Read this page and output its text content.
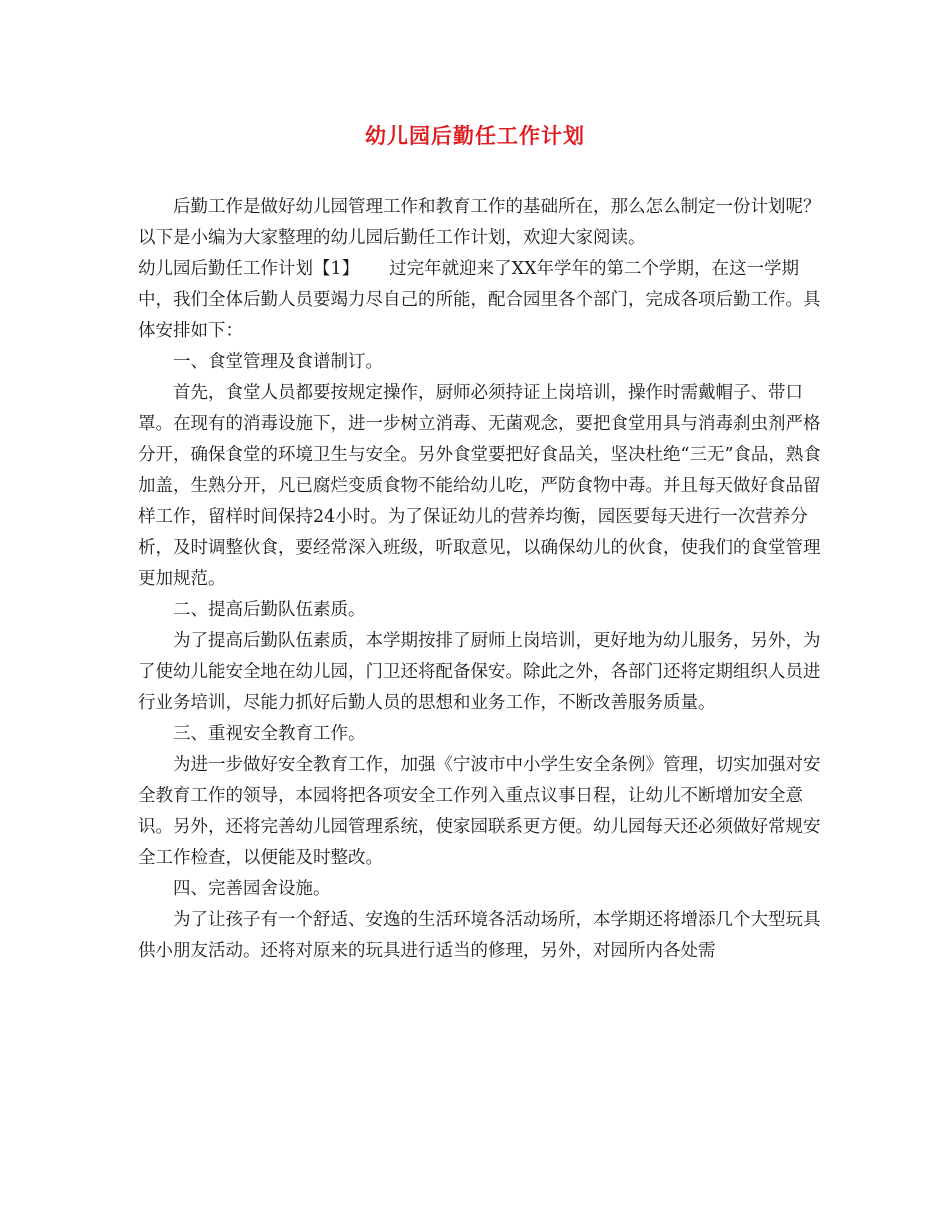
幼儿园后勤任工作计划

后勤工作是做好幼儿园管理工作和教育工作的基础所在，那么怎么制定一份计划呢？以下是小编为大家整理的幼儿园后勤任工作计划，欢迎大家阅读。

幼儿园后勤任工作计划【1】 过完年就迎来了XX年学年的第二个学期，在这一学期中，我们全体后勤人员要竭力尽自己的所能，配合园里各个部门，完成各项后勤工作。具体安排如下：

一、食堂管理及食谱制订。

首先，食堂人员都要按规定操作，厨师必须持证上岗培训，操作时需戴帽子、带口罩。在现有的消毒设施下，进一步树立消毒、无菌观念，要把食堂用具与消毒刹虫剂严格分开，确保食堂的环境卫生与安全。另外食堂要把好食品关，坚决杜绝“三无”食品，熟食加盖，生熟分开，凡已腐烂变质食物不能给幼儿吃，严防食物中毒。并且每天做好食品留样工作，留样时间保持24小时。为了保证幼儿的营养均衡，园医要每天进行一次营养分析，及时调整伙食，要经常深入班级，听取意见，以确保幼儿的伙食，使我们的食堂管理更加规范。

二、提高后勤队伍素质。

为了提高后勤队伍素质，本学期按排了厨师上岗培训，更好地为幼儿服务，另外，为了使幼儿能安全地在幼儿园，门卫还将配备保安。除此之外，各部门还将定期组织人员进行业务培训，尽能力抓好后勤人员的思想和业务工作，不断改善服务质量。

三、重视安全教育工作。

为进一步做好安全教育工作，加强《宁波市中小学生安全条例》管理，切实加强对安全教育工作的领导，本园将把各项安全工作列入重点议事日程，让幼儿不断增加安全意识。另外，还将完善幼儿园管理系统，使家园联系更方便。幼儿园每天还必须做好常规安全工作检查，以便能及时整改。

四、完善园舍设施。

为了让孩子有一个舒适、安逸的生活环境各活动场所，本学期还将增添几个大型玩具供小朋友活动。还将对原来的玩具进行适当的修理，另外，对园所内各处需
